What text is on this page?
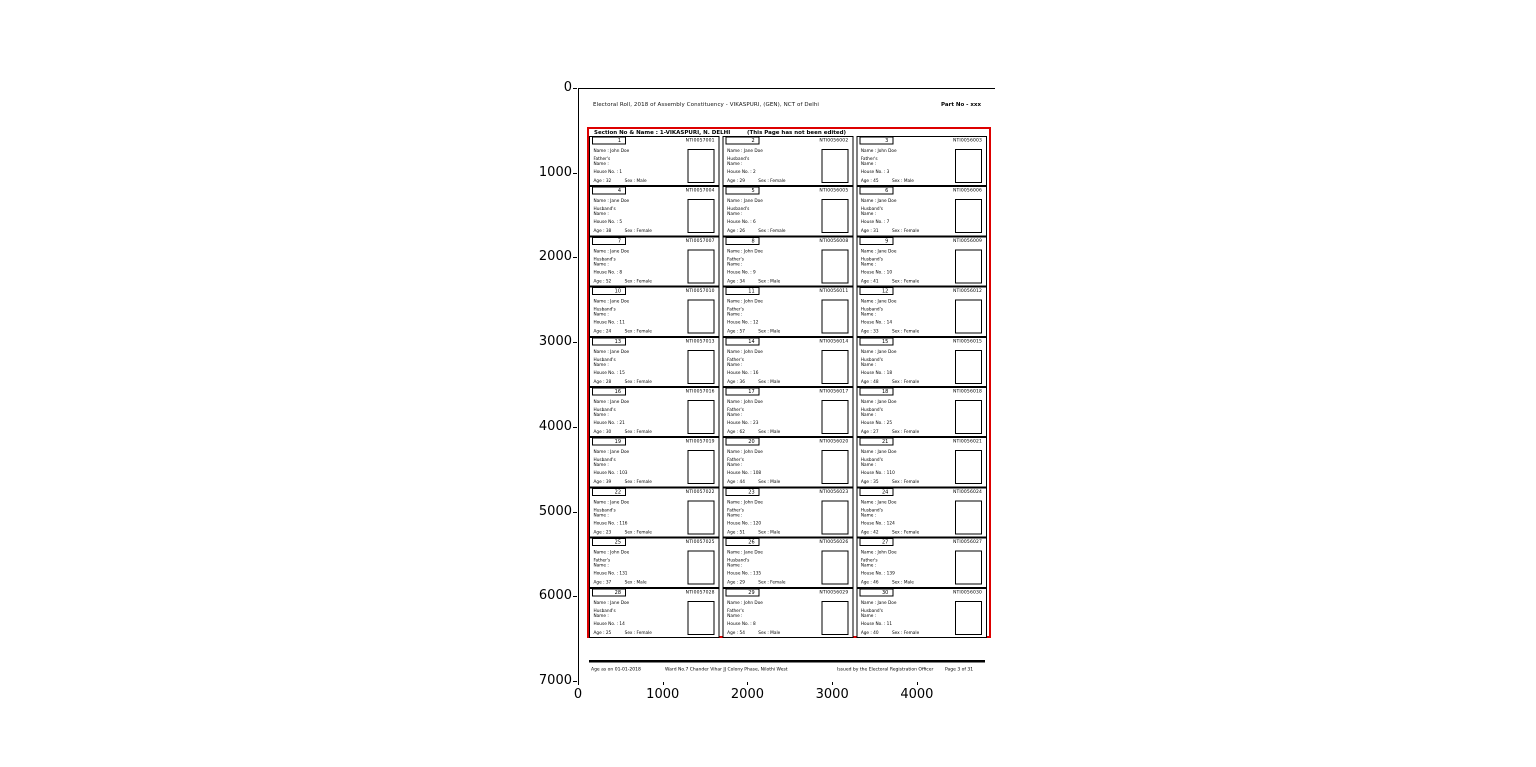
0
1000
2000
3000
4000
5000
6000
7000
0	1000	2000	3000	4000
Electoral Roll, 2018 of Assembly Constituency - VIKASPURI, (GEN), NCT of Delhi	Part No - xxx
Section No & Name : 1-VIKASPURI, N. DELHI (This Page has not been edited)
1	NTI0057001
Name : John Doe
Father's
Name :
House No. : 1
Age : 32 Sex : Male
2	NTI0056002
Name : Jane Doe
Husband's
Name :
House No. : 2
Age : 29 Sex : Female
3	NTI0056003
Name : John Doe
Father's
Name :
House No. : 3
Age : 45 Sex : Male
4	NTI0057004
Name : Jane Doe
Husband's
Name :
House No. : 5
Age : 38 Sex : Female
5	NTI0056005
Name : Jane Doe
Husband's
Name :
House No. : 6
Age : 26 Sex : Female
6	NTI0056006
Name : Jane Doe
Husband's
Name :
House No. : 7
Age : 31 Sex : Female
7	NTI0057007
Name : Jane Doe
Husband's
Name :
House No. : 8
Age : 52 Sex : Female
8	NTI0056008
Name : John Doe
Father's
Name :
House No. : 9
Age : 34 Sex : Male
9	NTI0056009
Name : Jane Doe
Husband's
Name :
House No. : 10
Age : 41 Sex : Female
10	NTI0057010
Name : Jane Doe
Husband's
Name :
House No. : 11
Age : 24 Sex : Female
11	NTI0056011
Name : John Doe
Father's
Name :
House No. : 12
Age : 57 Sex : Male
12	NTI0056012
Name : Jane Doe
Husband's
Name :
House No. : 14
Age : 33 Sex : Female
13	NTI0057013
Name : Jane Doe
Husband's
Name :
House No. : 15
Age : 28 Sex : Female
14	NTI0056014
Name : John Doe
Father's
Name :
House No. : 16
Age : 36 Sex : Male
15	NTI0056015
Name : Jane Doe
Husband's
Name :
House No. : 18
Age : 48 Sex : Female
16	NTI0057016
Name : Jane Doe
Husband's
Name :
House No. : 21
Age : 30 Sex : Female
17	NTI0056017
Name : John Doe
Father's
Name :
House No. : 23
Age : 62 Sex : Male
18	NTI0056018
Name : Jane Doe
Husband's
Name :
House No. : 25
Age : 27 Sex : Female
19	NTI0057019
Name : Jane Doe
Husband's
Name :
House No. : 103
Age : 39 Sex : Female
20	NTI0056020
Name : John Doe
Father's
Name :
House No. : 108
Age : 44 Sex : Male
21	NTI0056021
Name : Jane Doe
Husband's
Name :
House No. : 110
Age : 35 Sex : Female
22	NTI0057022
Name : Jane Doe
Husband's
Name :
House No. : 116
Age : 23 Sex : Female
23	NTI0056023
Name : John Doe
Father's
Name :
House No. : 120
Age : 51 Sex : Male
24	NTI0056024
Name : Jane Doe
Husband's
Name :
House No. : 124
Age : 42 Sex : Female
25	NTI0057025
Name : John Doe
Father's
Name :
House No. : 131
Age : 37 Sex : Male
26	NTI0056026
Name : Jane Doe
Husband's
Name :
House No. : 135
Age : 29 Sex : Female
27	NTI0056027
Name : John Doe
Father's
Name :
House No. : 139
Age : 46 Sex : Male
28	NTI0057028
Name : Jane Doe
Husband's
Name :
House No. : 14
Age : 25 Sex : Female
29	NTI0056029
Name : John Doe
Father's
Name :
House No. : 8
Age : 54 Sex : Male
30	NTI0056030
Name : Jane Doe
Husband's
Name :
House No. : 11
Age : 40 Sex : Female
Age as on 01-01-2018	Ward No.7 Chander Vihar JJ Colony Phase, Nilothi West	Issued by the Electoral Registration Officer Page 3 of 31
